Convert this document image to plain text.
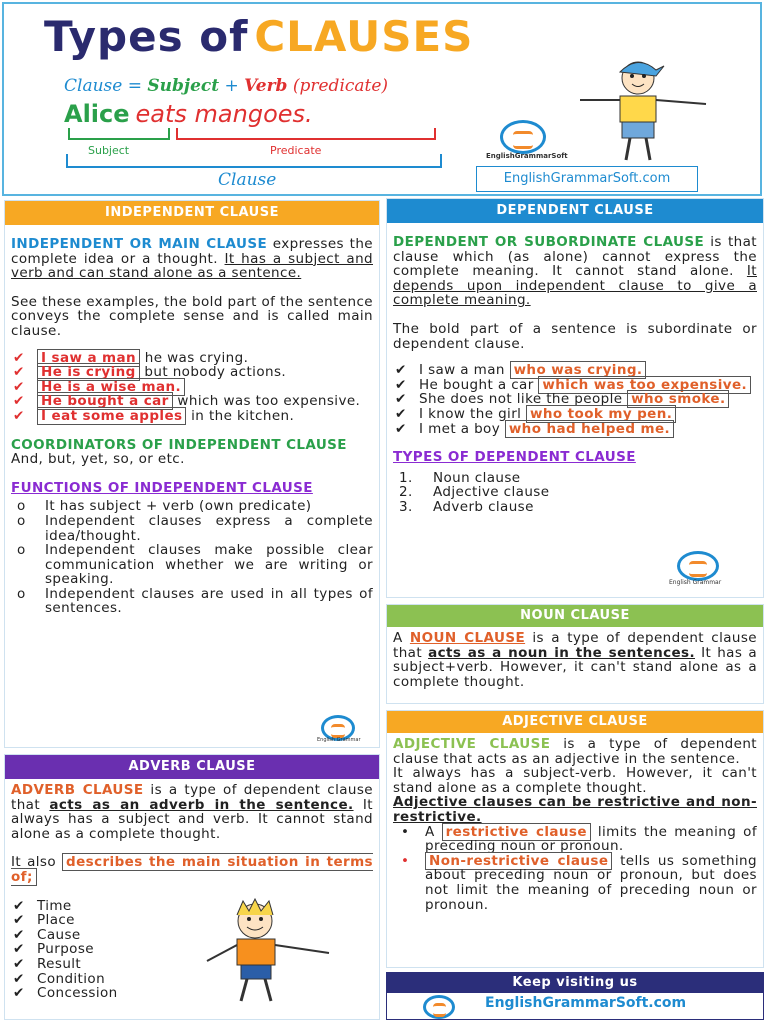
Types of CLAUSES
Clause = Subject + Verb (predicate)
Alice eats mangoes.
Subject	Predicate
Clause
EnglishGrammarSoft
EnglishGrammarSoft.com
INDEPENDENT CLAUSE

INDEPENDENT OR MAIN CLAUSE expresses the complete idea or a thought. It has a subject and verb and can stand alone as a sentence.

See these examples, the bold part of the sentence conveys the complete sense and is called main clause.

✔ I saw a man he was crying.
✔ He is crying but nobody actions.
✔ He is a wise man.
✔ He bought a car which was too expensive.
✔ I eat some apples in the kitchen.

COORDINATORS OF INDEPENDENT CLAUSE

And, but, yet, so, or etc.

FUNCTIONS OF INDEPENDENT CLAUSE

o It has subject + verb (own predicate)
o Independent clauses express a complete idea/thought.
o Independent clauses make possible clear communication whether we are writing or speaking.
o Independent clauses are used in all types of sentences.
English Grammar
DEPENDENT CLAUSE

DEPENDENT OR SUBORDINATE CLAUSE is that clause which (as alone) cannot express the complete meaning. It cannot stand alone. It depends upon independent clause to give a complete meaning.

The bold part of a sentence is subordinate or dependent clause.

✔ I saw a man who was crying.
✔ He bought a car which was too expensive.
✔ She does not like the people who smoke.
✔ I know the girl who took my pen.
✔ I met a boy who had helped me.

TYPES OF DEPENDENT CLAUSE

1. Noun clause
2. Adjective clause
3. Adverb clause
English Grammar
NOUN CLAUSE

A NOUN CLAUSE is a type of dependent clause that acts as a noun in the sentences. It has a subject+verb. However, it can't stand alone as a complete thought.

ADJECTIVE CLAUSE

ADJECTIVE CLAUSE is a type of dependent clause that acts as an adjective in the sentence.

It always has a subject-verb. However, it can't stand alone as a complete thought.

Adjective clauses can be restrictive and non-restrictive.

• A restrictive clause limits the meaning of preceding noun or pronoun.
• Non-restrictive clause tells us something about preceding noun or pronoun, but does not limit the meaning of preceding noun or pronoun.
ADVERB CLAUSE

ADVERB CLAUSE is a type of dependent clause that acts as an adverb in the sentence. It always has a subject and verb. It cannot stand alone as a complete thought.

It also describes the main situation in terms of;

✔ Time
✔ Place
✔ Cause
✔ Purpose
✔ Result
✔ Condition
✔ Concession
Keep visiting us
EnglishGrammarSoft.com
